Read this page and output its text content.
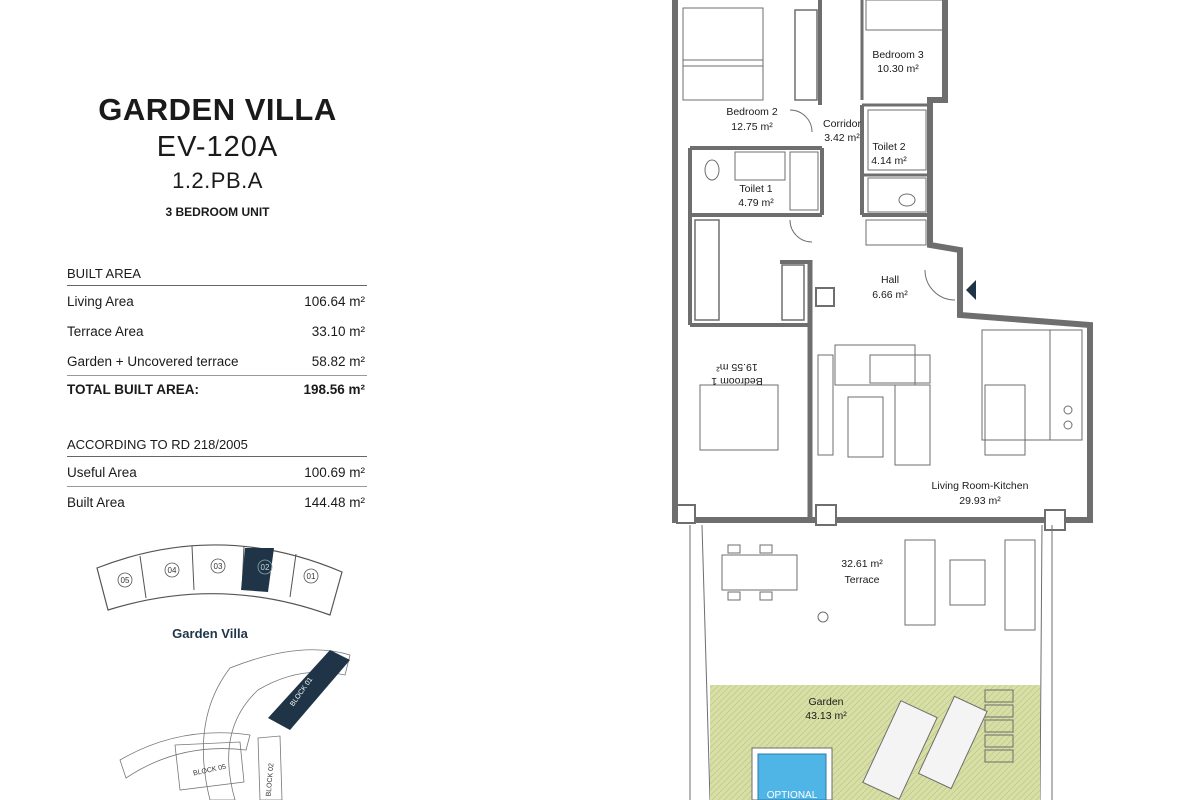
GARDEN VILLA
EV-120A
1.2.PB.A
3 BEDROOM UNIT
BUILT AREA
Living Area	106.64 m²
Terrace Area	33.10 m²
Garden + Uncovered terrace	58.82 m²
TOTAL BUILT AREA:	198.56 m²
ACCORDING TO RD 218/2005
Useful Area	100.69 m²
Built Area	144.48 m²
Garden Villa
05
04	03	02
01
BLOCK 01
BLOCK 05	BLOCK 02	OPTIONAL
Bedroom 3
10.30 m²
Bedroom 2
12.75 m²	Corridor
3.42 m²
Toilet 2
4.14 m²
Toilet 1
4.79 m²
Hall
6.66 m²
Bedroom 1
19.55 m²
Living Room-Kitchen
29.93 m²
32.61 m²
Terrace
Garden
43.13 m²
